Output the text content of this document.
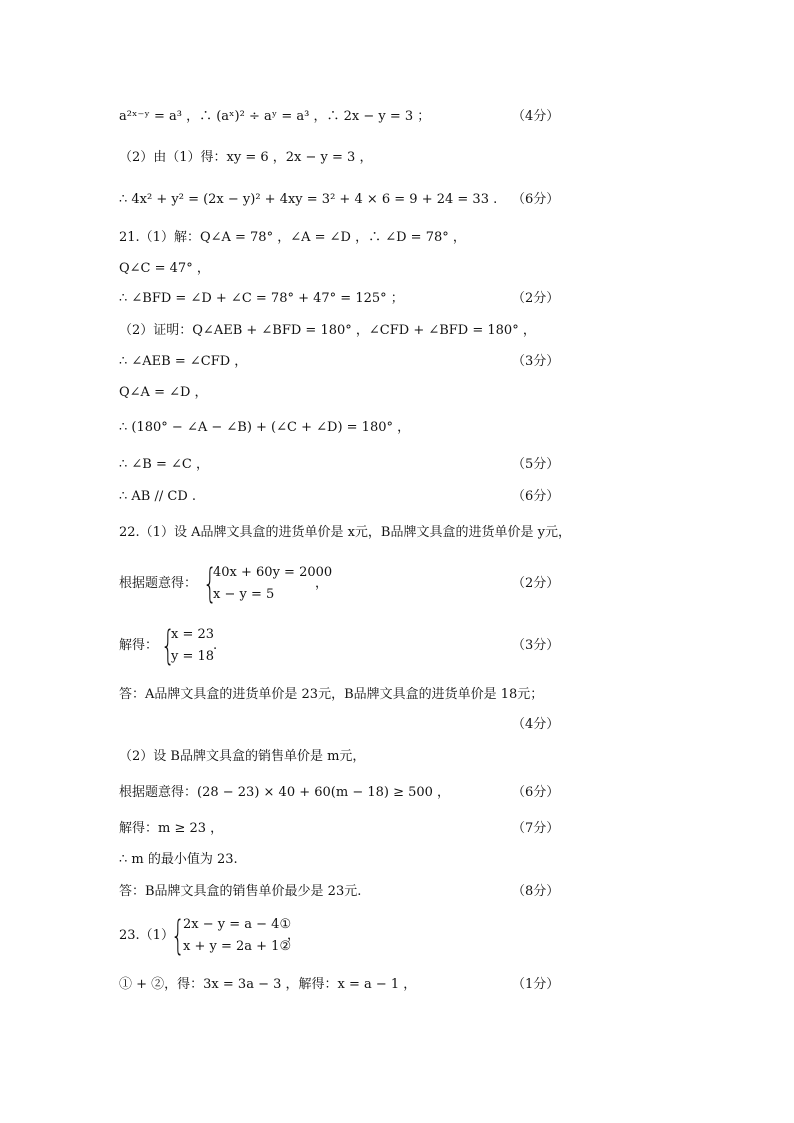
a²ˣ⁻ʸ = a³ ，∴ (aˣ)² ÷ aʸ = a³ ，∴ 2x − y = 3 ；	（4分）
（2）由（1）得：xy = 6 ，2x − y = 3 ，
∴ 4x² + y² = (2x − y)² + 4xy = 3² + 4 × 6 = 9 + 24 = 33 . （6分）
21.（1）解：Q∠A = 78° ，∠A = ∠D ，∴ ∠D = 78° ，
Q∠C = 47° ，
∴ ∠BFD = ∠D + ∠C = 78° + 47° = 125° ；	（2分）
（2）证明：Q∠AEB + ∠BFD = 180° ，∠CFD + ∠BFD = 180° ，
∴ ∠AEB = ∠CFD ，	（3分）
Q∠A = ∠D ，
∴ (180° − ∠A − ∠B) + (∠C + ∠D) = 180° ，
∴ ∠B = ∠C ，	（5分）
∴ AB // CD .	（6分）
22.（1）设 A品牌文具盒的进货单价是 x元，B品牌文具盒的进货单价是 y元，
根据题意得： {
40x + 60y = 2000
x − y = 5
，	（2分）
解得： {
x = 23
y = 18
.	（3分）
答：A品牌文具盒的进货单价是 23元，B品牌文具盒的进货单价是 18元；
（4分）
（2）设 B品牌文具盒的销售单价是 m元，
根据题意得：(28 − 23) × 40 + 60(m − 18) ≥ 500 ，	（6分）
解得：m ≥ 23 ，	（7分）
∴ m 的最小值为 23.
答：B品牌文具盒的销售单价最少是 23元.	（8分）
23.（1）
{
2x − y = a − 4①
x + y = 2a + 1②
，
① + ②，得：3x = 3a − 3 ，解得：x = a − 1 ，	（1分）
